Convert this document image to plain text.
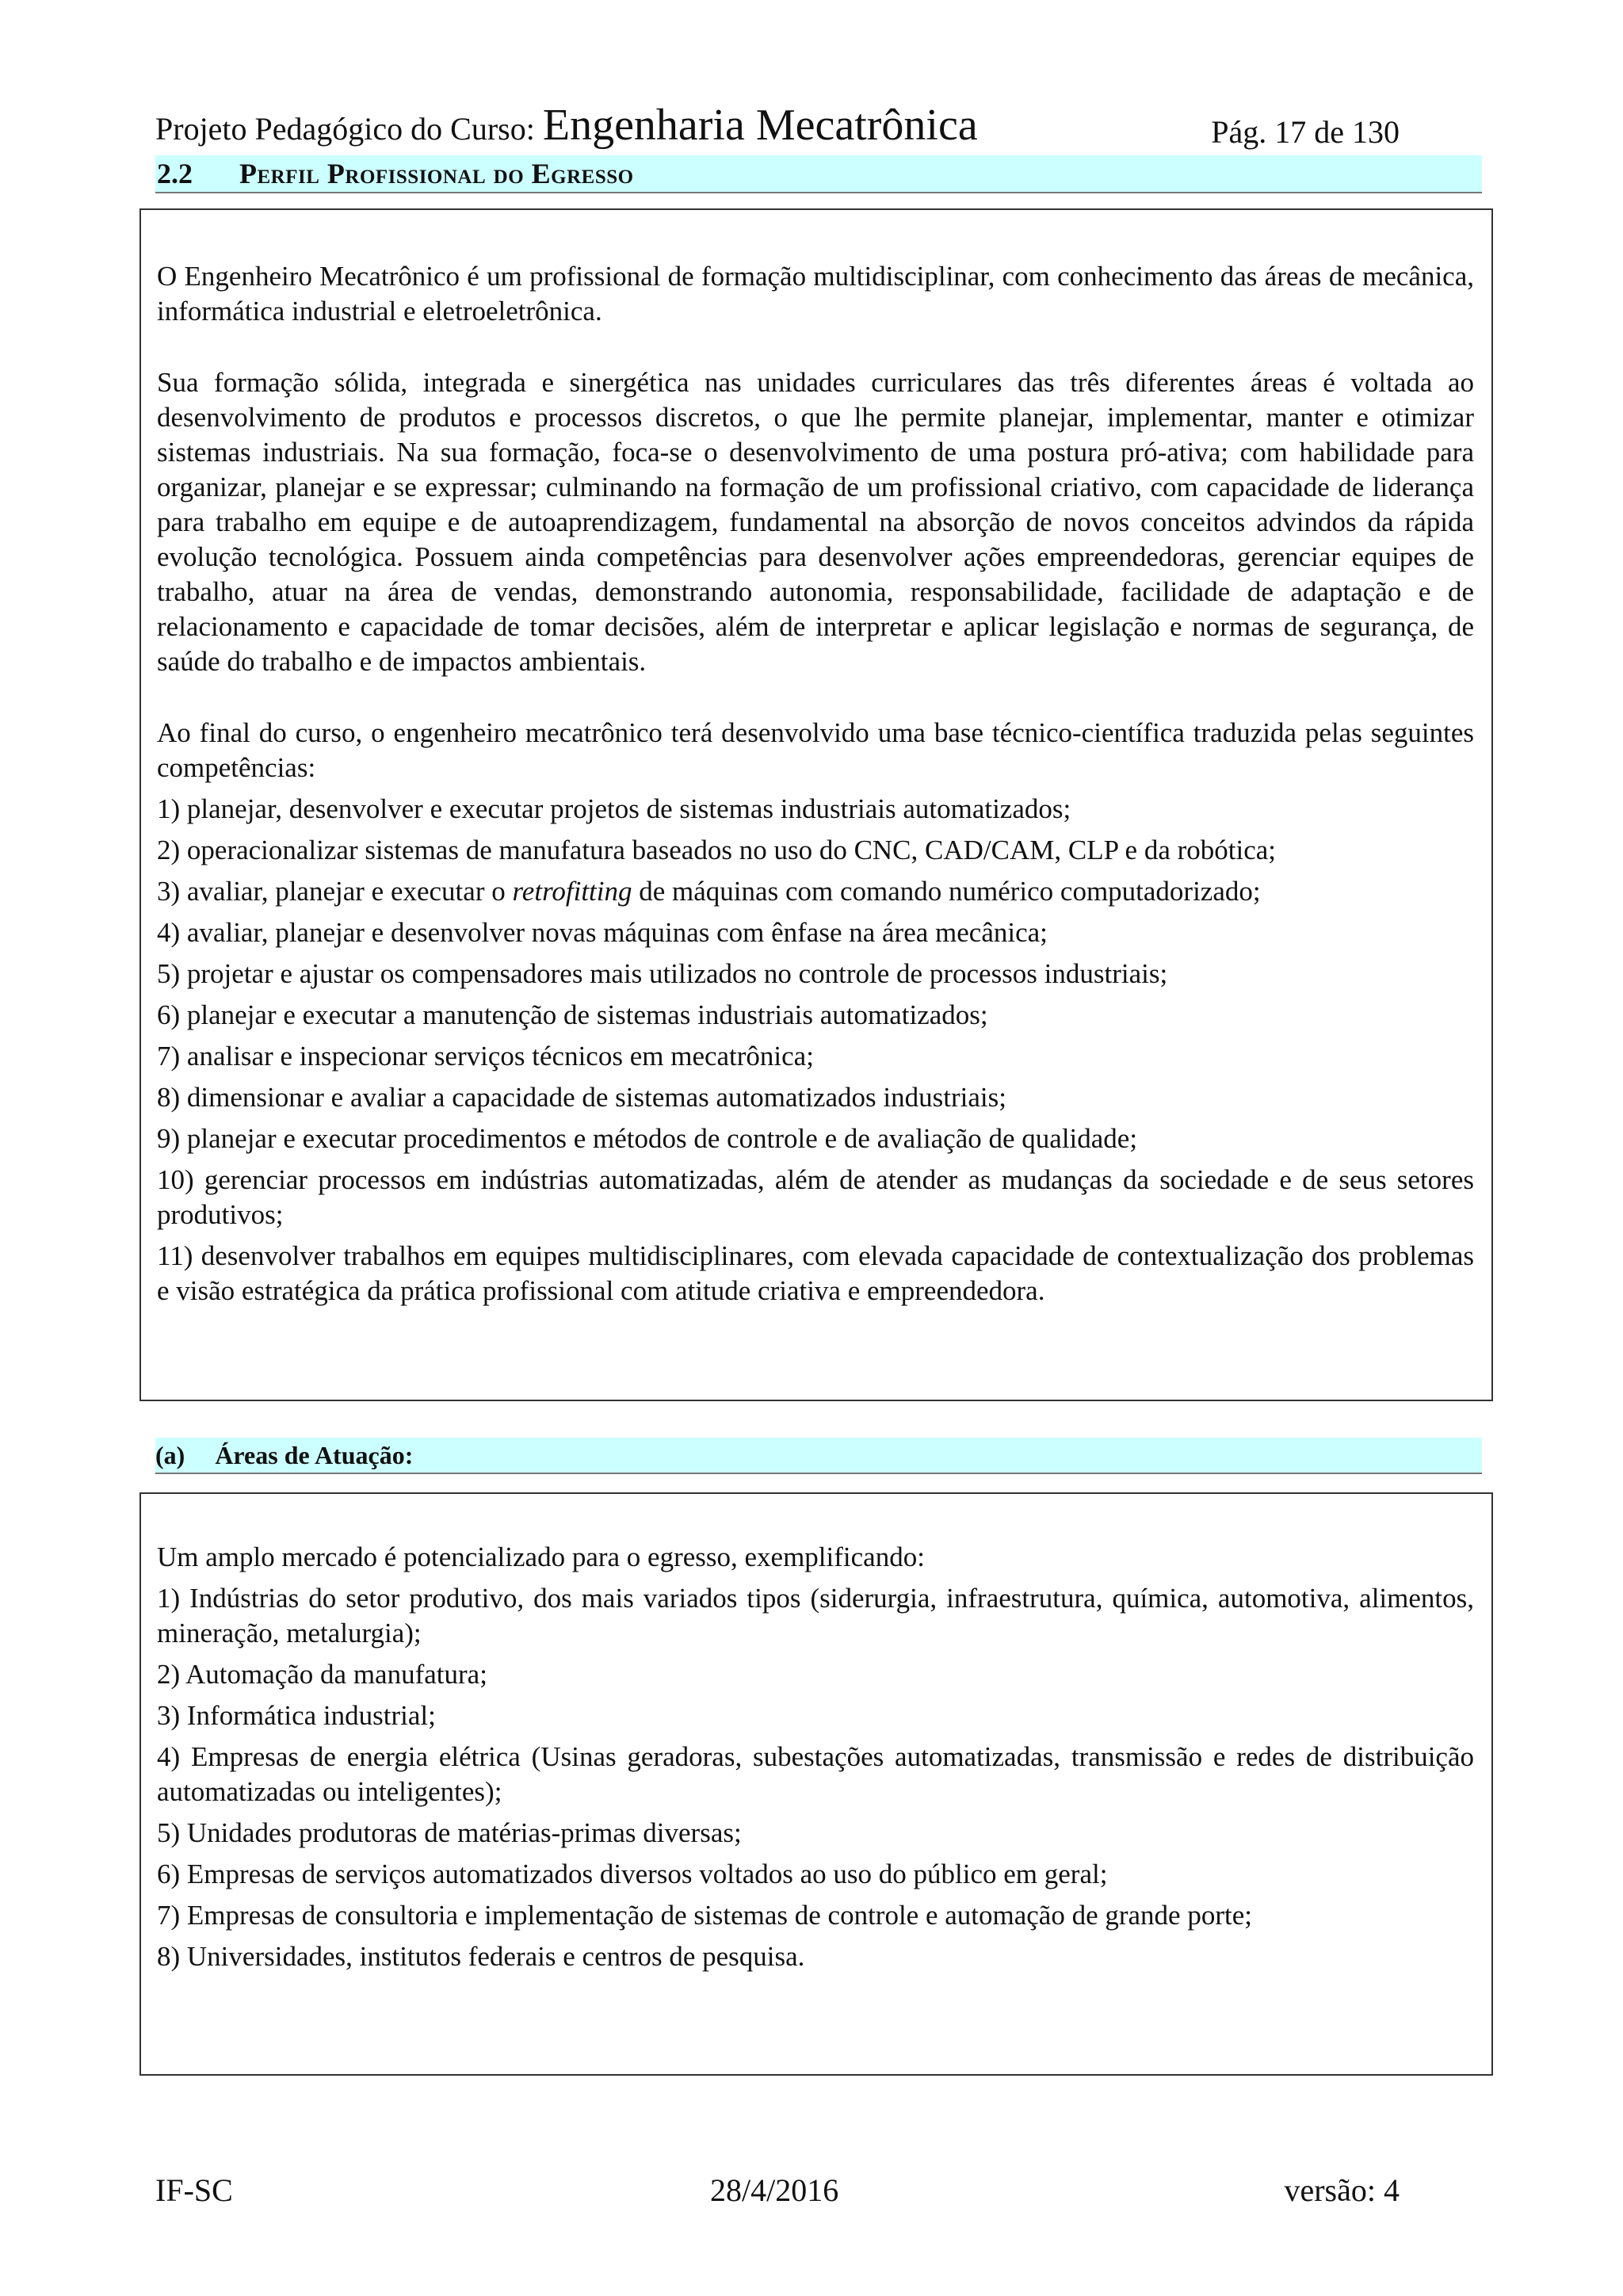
Projeto Pedagógico do Curso: Engenharia Mecatrônica	Pág. 17 de 130
2.2 Perfil Profissional do Egresso

O Engenheiro Mecatrônico é um profissional de formação multidisciplinar, com conhecimento das áreas de mecânica, informática industrial e eletroeletrônica.

Sua formação sólida, integrada e sinergética nas unidades curriculares das três diferentes áreas é voltada ao desenvolvimento de produtos e processos discretos, o que lhe permite planejar, implementar, manter e otimizar sistemas industriais. Na sua formação, foca-se o desenvolvimento de uma postura pró-ativa; com habilidade para organizar, planejar e se expressar; culminando na formação de um profissional criativo, com capacidade de liderança para trabalho em equipe e de autoaprendizagem, fundamental na absorção de novos conceitos advindos da rápida evolução tecnológica. Possuem ainda competências para desenvolver ações empreendedoras, gerenciar equipes de trabalho, atuar na área de vendas, demonstrando autonomia, responsabilidade, facilidade de adaptação e de relacionamento e capacidade de tomar decisões, além de interpretar e aplicar legislação e normas de segurança, de saúde do trabalho e de impactos ambientais.

Ao final do curso, o engenheiro mecatrônico terá desenvolvido uma base técnico-científica traduzida pelas seguintes competências:

1) planejar, desenvolver e executar projetos de sistemas industriais automatizados;
2) operacionalizar sistemas de manufatura baseados no uso do CNC, CAD/CAM, CLP e da robótica;
3) avaliar, planejar e executar o retrofitting de máquinas com comando numérico computadorizado;
4) avaliar, planejar e desenvolver novas máquinas com ênfase na área mecânica;
5) projetar e ajustar os compensadores mais utilizados no controle de processos industriais;
6) planejar e executar a manutenção de sistemas industriais automatizados;
7) analisar e inspecionar serviços técnicos em mecatrônica;
8) dimensionar e avaliar a capacidade de sistemas automatizados industriais;
9) planejar e executar procedimentos e métodos de controle e de avaliação de qualidade;
10) gerenciar processos em indústrias automatizadas, além de atender as mudanças da sociedade e de seus setores produtivos;
11) desenvolver trabalhos em equipes multidisciplinares, com elevada capacidade de contextualização dos problemas e visão estratégica da prática profissional com atitude criativa e empreendedora.
(a) Áreas de Atuação:

Um amplo mercado é potencializado para o egresso, exemplificando:

1) Indústrias do setor produtivo, dos mais variados tipos (siderurgia, infraestrutura, química, automotiva, alimentos, mineração, metalurgia);
2) Automação da manufatura;
3) Informática industrial;
4) Empresas de energia elétrica (Usinas geradoras, subestações automatizadas, transmissão e redes de distribuição automatizadas ou inteligentes);
5) Unidades produtoras de matérias-primas diversas;
6) Empresas de serviços automatizados diversos voltados ao uso do público em geral;
7) Empresas de consultoria e implementação de sistemas de controle e automação de grande porte;
8) Universidades, institutos federais e centros de pesquisa.
IF-SC	28/4/2016	versão: 4
